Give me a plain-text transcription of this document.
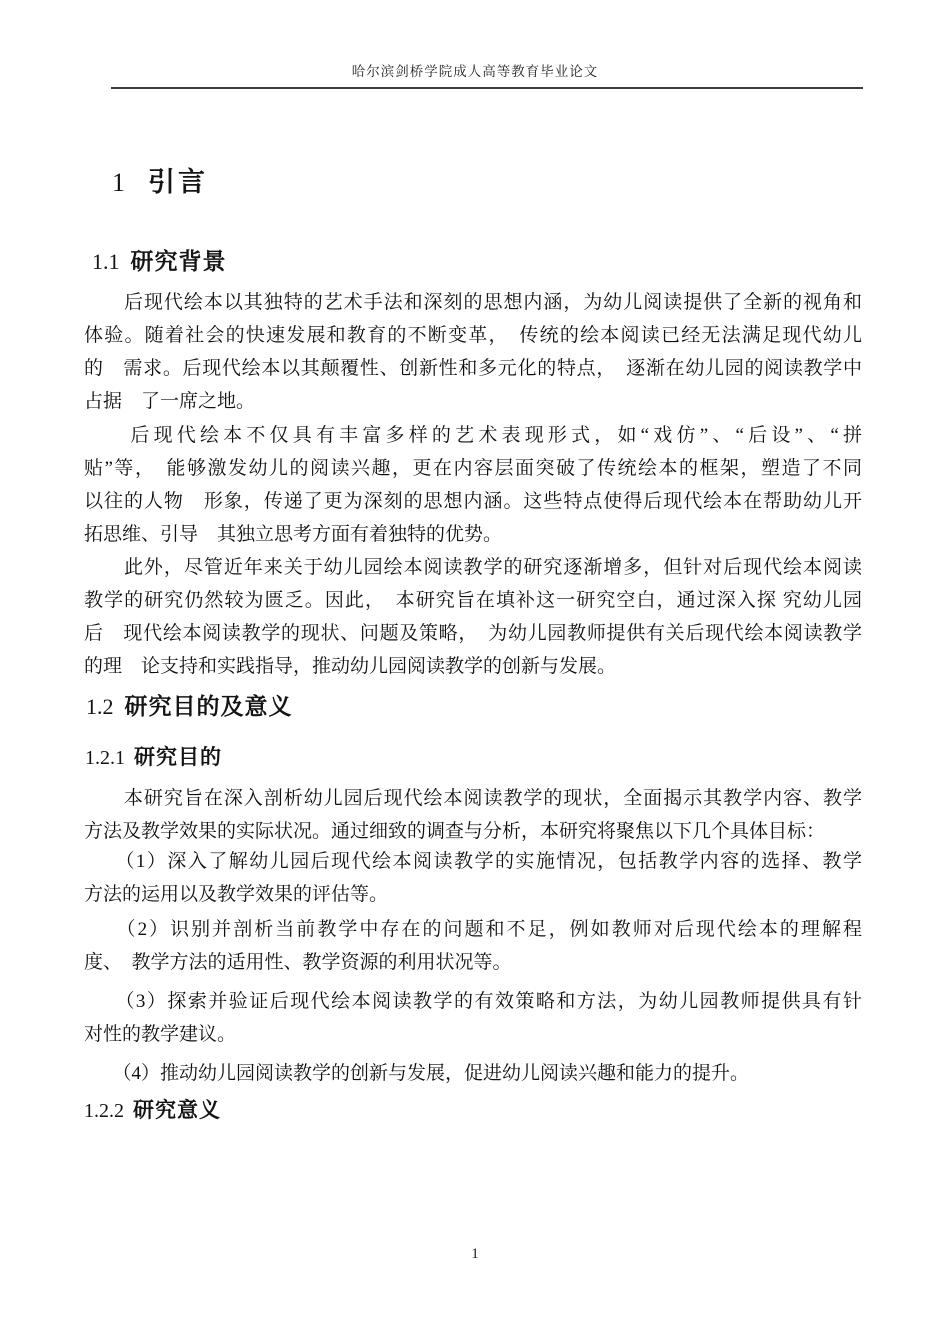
哈尔滨剑桥学院成人高等教育毕业论文
1 引言
1.1 研究背景
　　后现代绘本以其独特的艺术手法和深刻的思想内涵，为幼儿阅读提供了全新的视角和
体验。随着社会的快速发展和教育的不断变革，　传统的绘本阅读已经无法满足现代幼儿
的　需求。后现代绘本以其颠覆性、创新性和多元化的特点，　逐渐在幼儿园的阅读教学中
占据　了一席之地。
　　后现代绘本不仅具有丰富多样的艺术表现形式，如“戏仿”、“后设”、“拼
贴”等，　能够激发幼儿的阅读兴趣，更在内容层面突破了传统绘本的框架，塑造了不同
以往的人物　形象，传递了更为深刻的思想内涵。这些特点使得后现代绘本在帮助幼儿开
拓思维、引导　其独立思考方面有着独特的优势。
　　此外，尽管近年来关于幼儿园绘本阅读教学的研究逐渐增多，但针对后现代绘本阅读
教学的研究仍然较为匮乏。因此，　本研究旨在填补这一研究空白，通过深入探 究幼儿园
后　现代绘本阅读教学的现状、问题及策略，　为幼儿园教师提供有关后现代绘本阅读教学
的理　论支持和实践指导，推动幼儿园阅读教学的创新与发展。
1.2 研究目的及意义
1.2.1 研究目的
　　本研究旨在深入剖析幼儿园后现代绘本阅读教学的现状，全面揭示其教学内容、教学
方法及教学效果的实际状况。通过细致的调查与分析，本研究将聚焦以下几个具体目标：
　　（1）深入了解幼儿园后现代绘本阅读教学的实施情况，包括教学内容的选择、教学
方法的运用以及教学效果的评估等。
　　（2）识别并剖析当前教学中存在的问题和不足，例如教师对后现代绘本的理解程
度、　教学方法的适用性、教学资源的利用状况等。
　　（3）探索并验证后现代绘本阅读教学的有效策略和方法，为幼儿园教师提供具有针
对性的教学建议。
　　（4）推动幼儿园阅读教学的创新与发展，促进幼儿阅读兴趣和能力的提升。
1.2.2 研究意义
1
